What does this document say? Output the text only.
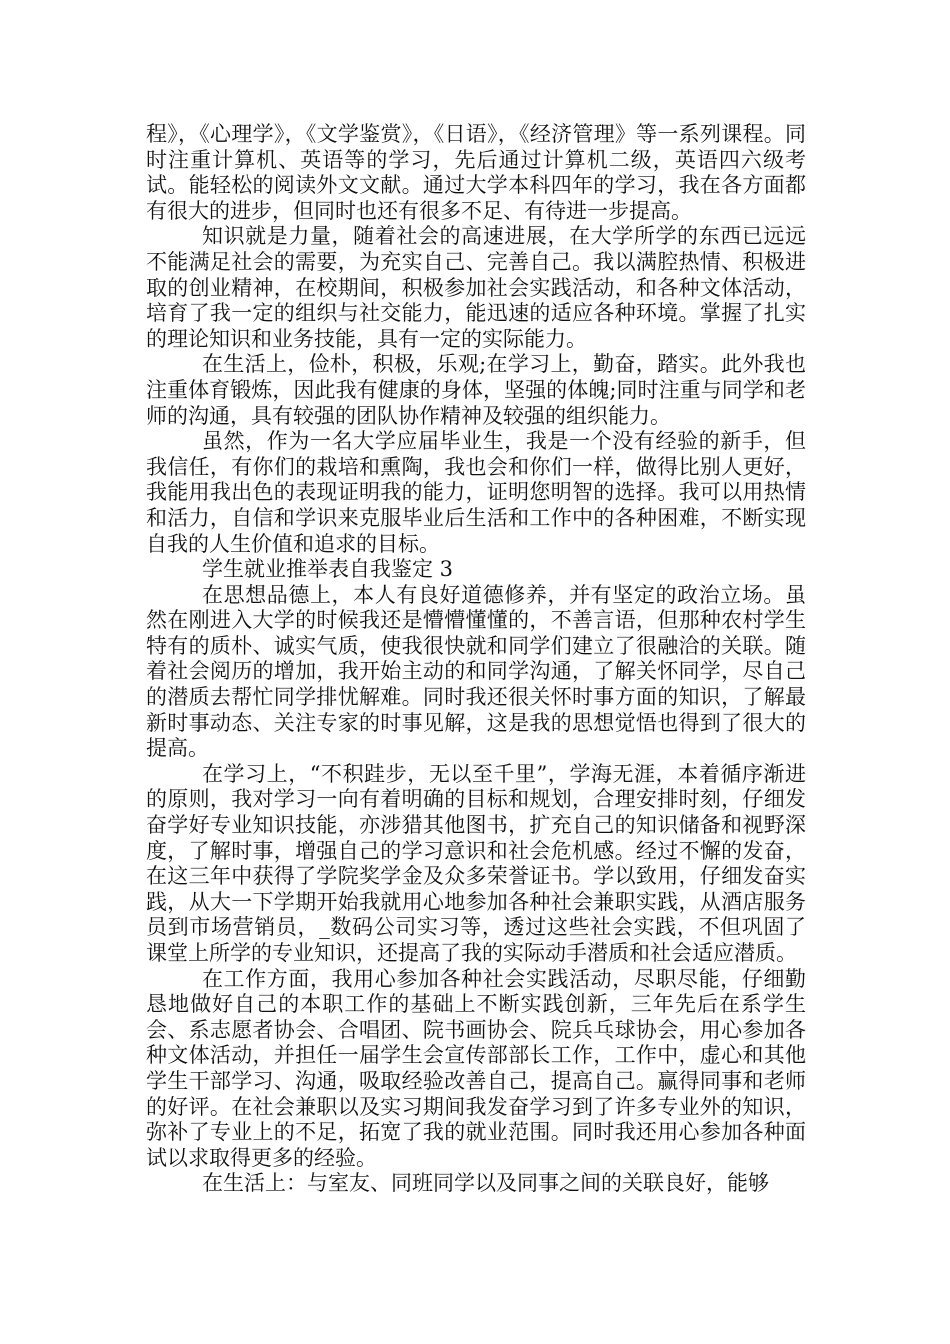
程》，《心理学》，《文学鉴赏》，《日语》，《经济管理》等一系列课程。同时注重计算机、英语等的学习，先后通过计算机二级，英语四六级考试。能轻松的阅读外文文献。通过大学本科四年的学习，我在各方面都有很大的进步，但同时也还有很多不足、有待进一步提高。

知识就是力量，随着社会的高速进展，在大学所学的东西已远远不能满足社会的需要，为充实自己、完善自己。我以满腔热情、积极进取的创业精神，在校期间，积极参加社会实践活动，和各种文体活动，培育了我一定的组织与社交能力，能迅速的适应各种环境。掌握了扎实的理论知识和业务技能，具有一定的实际能力。

在生活上，俭朴，积极，乐观;在学习上，勤奋，踏实。此外我也注重体育锻炼，因此我有健康的身体，坚强的体魄;同时注重与同学和老师的沟通，具有较强的团队协作精神及较强的组织能力。

虽然，作为一名大学应届毕业生，我是一个没有经验的新手，但我信任，有你们的栽培和熏陶，我也会和你们一样，做得比别人更好，我能用我出色的表现证明我的能力，证明您明智的选择。我可以用热情和活力，自信和学识来克服毕业后生活和工作中的各种困难，不断实现自我的人生价值和追求的目标。

学生就业推举表自我鉴定 3

在思想品德上，本人有良好道德修养，并有坚定的政治立场。虽然在刚进入大学的时候我还是懵懵懂懂的，不善言语，但那种农村学生特有的质朴、诚实气质，使我很快就和同学们建立了很融洽的关联。随着社会阅历的增加，我开始主动的和同学沟通，了解关怀同学，尽自己的潜质去帮忙同学排忧解难。同时我还很关怀时事方面的知识，了解最新时事动态、关注专家的时事见解，这是我的思想觉悟也得到了很大的提高。

在学习上，“不积跬步，无以至千里”，学海无涯，本着循序渐进的原则，我对学习一向有着明确的目标和规划，合理安排时刻，仔细发奋学好专业知识技能，亦涉猎其他图书，扩充自己的知识储备和视野深度，了解时事，增强自己的学习意识和社会危机感。经过不懈的发奋，在这三年中获得了学院奖学金及众多荣誉证书。学以致用，仔细发奋实践，从大一下学期开始我就用心地参加各种社会兼职实践，从酒店服务员到市场营销员，_数码公司实习等，透过这些社会实践，不但巩固了课堂上所学的专业知识，还提高了我的实际动手潜质和社会适应潜质。

在工作方面，我用心参加各种社会实践活动，尽职尽能，仔细勤恳地做好自己的本职工作的基础上不断实践创新，三年先后在系学生会、系志愿者协会、合唱团、院书画协会、院兵乓球协会，用心参加各种文体活动，并担任一届学生会宣传部部长工作，工作中，虚心和其他学生干部学习、沟通，吸取经验改善自己，提高自己。赢得同事和老师的好评。在社会兼职以及实习期间我发奋学习到了许多专业外的知识，弥补了专业上的不足，拓宽了我的就业范围。同时我还用心参加各种面试以求取得更多的经验。

在生活上：与室友、同班同学以及同事之间的关联良好，能够
